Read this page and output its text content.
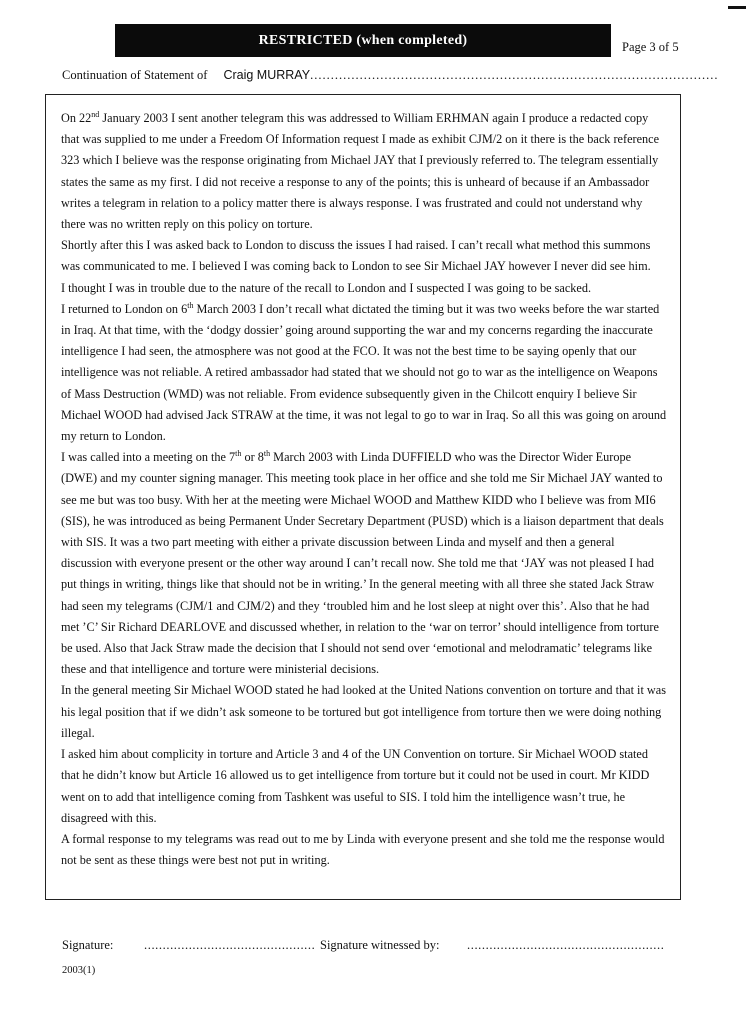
RESTRICTED (when completed)	Page 3 of 5
Continuation of Statement of Craig MURRAY...................................................................................................

On 22nd January 2003 I sent another telegram this was addressed to William ERHMAN again I produce a redacted copy that was supplied to me under a Freedom Of Information request I made as exhibit CJM/2 on it there is the back reference 323 which I believe was the response originating from Michael JAY that I previously referred to. The telegram essentially states the same as my first. I did not receive a response to any of the points; this is unheard of because if an Ambassador writes a telegram in relation to a policy matter there is always response. I was frustrated and could not understand why there was no written reply on this policy on torture.

Shortly after this I was asked back to London to discuss the issues I had raised. I can’t recall what method this summons was communicated to me. I believed I was coming back to London to see Sir Michael JAY however I never did see him.

I thought I was in trouble due to the nature of the recall to London and I suspected I was going to be sacked.

I returned to London on 6th March 2003 I don’t recall what dictated the timing but it was two weeks before the war started in Iraq. At that time, with the ‘dodgy dossier’ going around supporting the war and my concerns regarding the inaccurate intelligence I had seen, the atmosphere was not good at the FCO. It was not the best time to be saying openly that our intelligence was not reliable. A retired ambassador had stated that we should not go to war as the intelligence on Weapons of Mass Destruction (WMD) was not reliable. From evidence subsequently given in the Chilcott enquiry I believe Sir Michael WOOD had advised Jack STRAW at the time, it was not legal to go to war in Iraq. So all this was going on around my return to London.

I was called into a meeting on the 7th or 8th March 2003 with Linda DUFFIELD who was the Director Wider Europe (DWE) and my counter signing manager. This meeting took place in her office and she told me Sir Michael JAY wanted to see me but was too busy. With her at the meeting were Michael WOOD and Matthew KIDD who I believe was from MI6 (SIS), he was introduced as being Permanent Under Secretary Department (PUSD) which is a liaison department that deals with SIS. It was a two part meeting with either a private discussion between Linda and myself and then a general discussion with everyone present or the other way around I can’t recall now. She told me that ‘JAY was not pleased I had put things in writing, things like that should not be in writing.’ In the general meeting with all three she stated Jack Straw had seen my telegrams (CJM/1 and CJM/2) and they ‘troubled him and he lost sleep at night over this’. Also that he had met ’C’ Sir Richard DEARLOVE and discussed whether, in relation to the ‘war on terror’ should intelligence from torture be used. Also that Jack Straw made the decision that I should not send over ‘emotional and melodramatic’ telegrams like these and that intelligence and torture were ministerial decisions.

In the general meeting Sir Michael WOOD stated he had looked at the United Nations convention on torture and that it was his legal position that if we didn’t ask someone to be tortured but got intelligence from torture then we were doing nothing illegal.

I asked him about complicity in torture and Article 3 and 4 of the UN Convention on torture. Sir Michael WOOD stated that he didn’t know but Article 16 allowed us to get intelligence from torture but it could not be used in court. Mr KIDD went on to add that intelligence coming from Tashkent was useful to SIS. I told him the intelligence wasn’t true, he disagreed with this.

A formal response to my telegrams was read out to me by Linda with everyone present and she told me the response would not be sent as these things were best not put in writing.

Signature: .............................................. Signature witnessed by: .....................................................
2003(1)
